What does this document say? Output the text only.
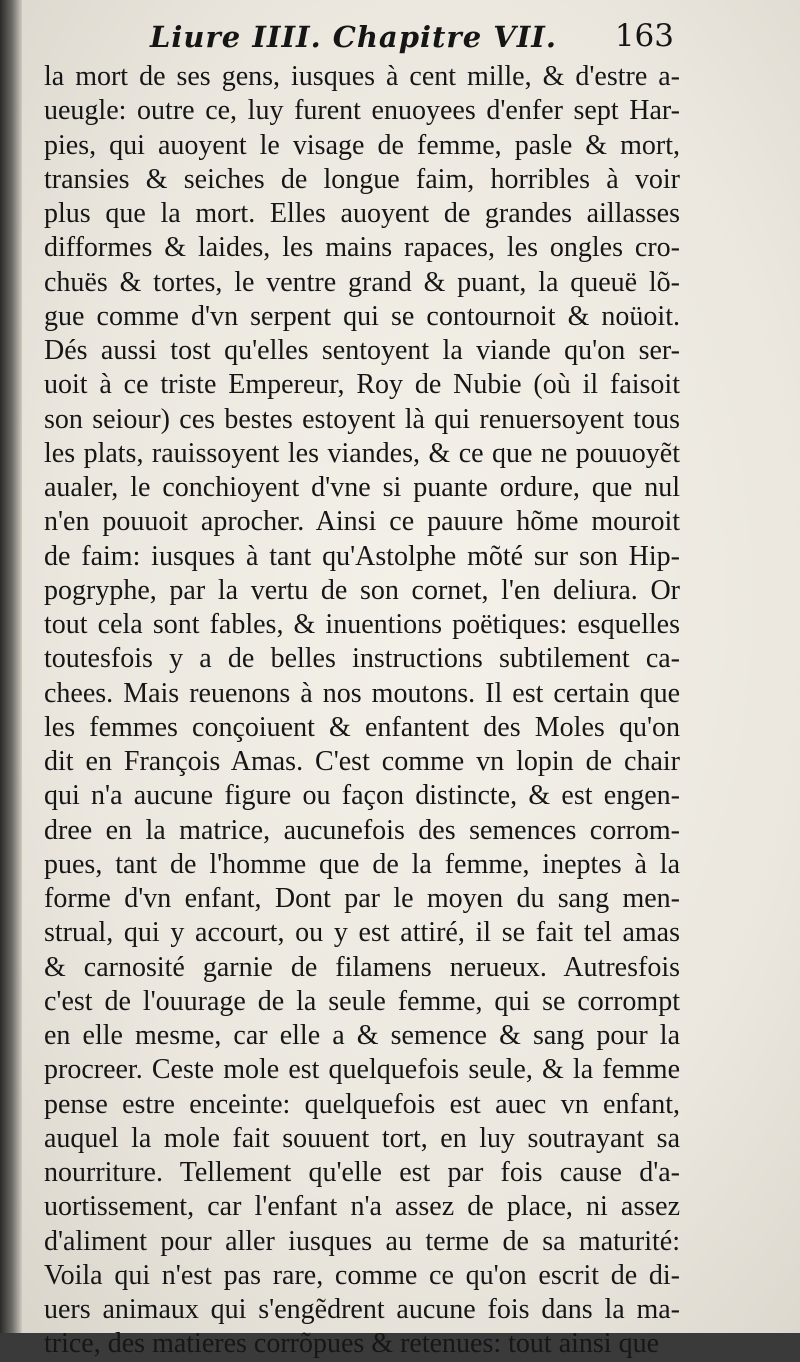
Liure IIII. Chapitre VII. 163
la mort de ses gens, iusques à cent mille, & d'estre a-
ueugle: outre ce, luy furent enuoyees d'enfer sept Har-
pies, qui auoyent le visage de femme, pasle & mort,
transies & seiches de longue faim, horribles à voir
plus que la mort. Elles auoyent de grandes aillasses
difformes & laides, les mains rapaces, les ongles cro-
chuës & tortes, le ventre grand & puant, la queuë lõ-
gue comme d'vn serpent qui se contournoit & noüoit.
Dés aussi tost qu'elles sentoyent la viande qu'on ser-
uoit à ce triste Empereur, Roy de Nubie (où il faisoit
son seiour) ces bestes estoyent là qui renuersoyent tous
les plats, rauissoyent les viandes, & ce que ne pouuoyẽt
aualer, le conchioyent d'vne si puante ordure, que nul
n'en pouuoit aprocher. Ainsi ce pauure hõme mouroit
de faim: iusques à tant qu'Astolphe mõté sur son Hip-
pogryphe, par la vertu de son cornet, l'en deliura. Or
tout cela sont fables, & inuentions poëtiques: esquelles
toutesfois y a de belles instructions subtilement ca-
chees. Mais reuenons à nos moutons. Il est certain que
les femmes conçoiuent & enfantent des Moles qu'on
dit en François Amas. C'est comme vn lopin de chair
qui n'a aucune figure ou façon distincte, & est engen-
dree en la matrice, aucunefois des semences corrom-
pues, tant de l'homme que de la femme, ineptes à la
forme d'vn enfant, Dont par le moyen du sang men-
strual, qui y accourt, ou y est attiré, il se fait tel amas
& carnosité garnie de filamens nerueux. Autresfois
c'est de l'ouurage de la seule femme, qui se corrompt
en elle mesme, car elle a & semence & sang pour la
procreer. Ceste mole est quelquefois seule, & la femme
pense estre enceinte: quelquefois est auec vn enfant,
auquel la mole fait souuent tort, en luy soutrayant sa
nourriture. Tellement qu'elle est par fois cause d'a-
uortissement, car l'enfant n'a assez de place, ni assez
d'aliment pour aller iusques au terme de sa maturité:
Voila qui n'est pas rare, comme ce qu'on escrit de di-
uers animaux qui s'engẽdrent aucune fois dans la ma-
trice, des matieres corrõpues & retenues: tout ainsi que
